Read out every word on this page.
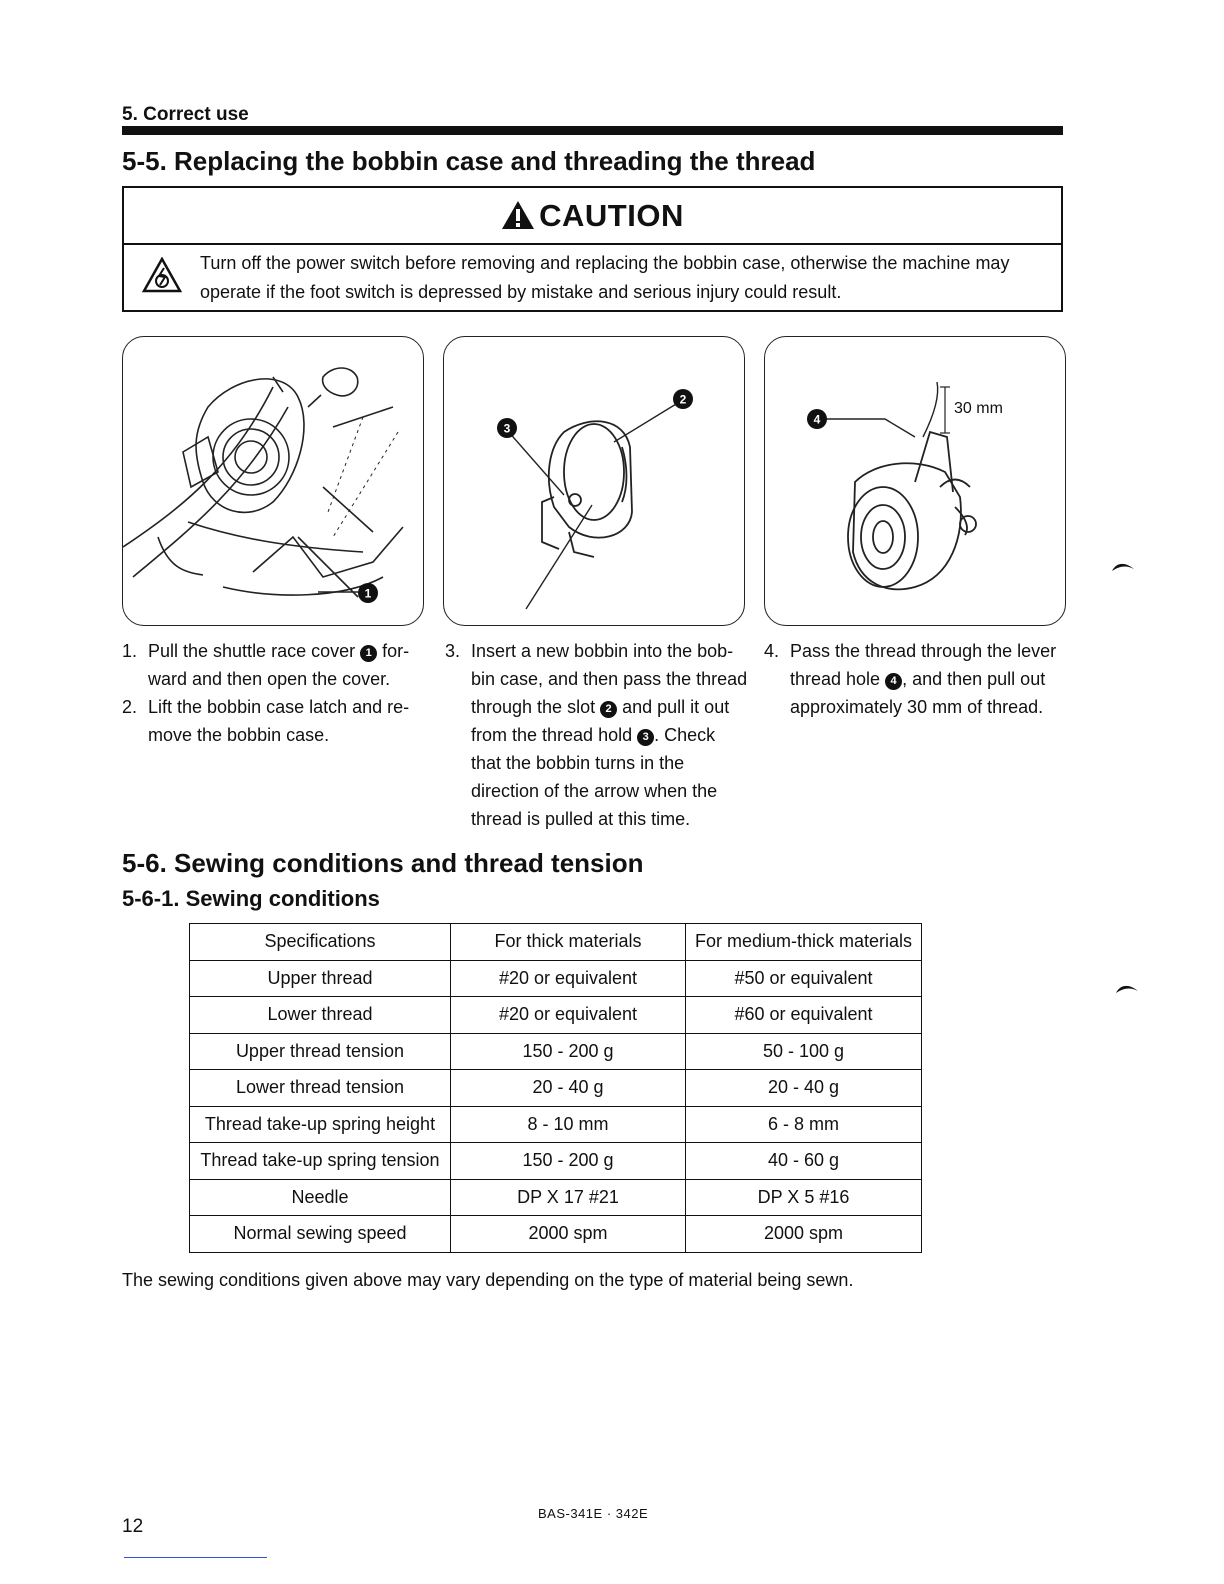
5. Correct use
5-5. Replacing the bobbin case and threading the thread
CAUTION
Turn off the power switch before removing and replacing the bobbin case, otherwise the machine may operate if the foot switch is depressed by mistake and serious injury could result.
1
3
2
4
30 mm
1. Pull the shuttle race cover 1 for-ward and then open the cover.
2. Lift the bobbin case latch and re-move the bobbin case.
3. Insert a new bobbin into the bob-bin case, and then pass the thread through the slot 2 and pull it out from the thread hold 3 . Check that the bobbin turns in the direction of the arrow when the thread is pulled at this time.
4. Pass the thread through the lever thread hole 4 , and then pull out approximately 30 mm of thread.
5-6. Sewing conditions and thread tension
5-6-1. Sewing conditions
Specifications	For thick materials	For medium-thick materials
Upper thread	#20 or equivalent	#50 or equivalent
Lower thread	#20 or equivalent	#60 or equivalent
Upper thread tension	150 - 200 g	50 - 100 g
Lower thread tension	20 - 40 g	20 - 40 g
Thread take-up spring height	8 - 10 mm	6 - 8 mm
Thread take-up spring tension	150 - 200 g	40 - 60 g
Needle	DP X 17 #21	DP X 5 #16
Normal sewing speed	2000 spm	2000 spm
The sewing conditions given above may vary depending on the type of material being sewn.
BAS-341E · 342E
12
